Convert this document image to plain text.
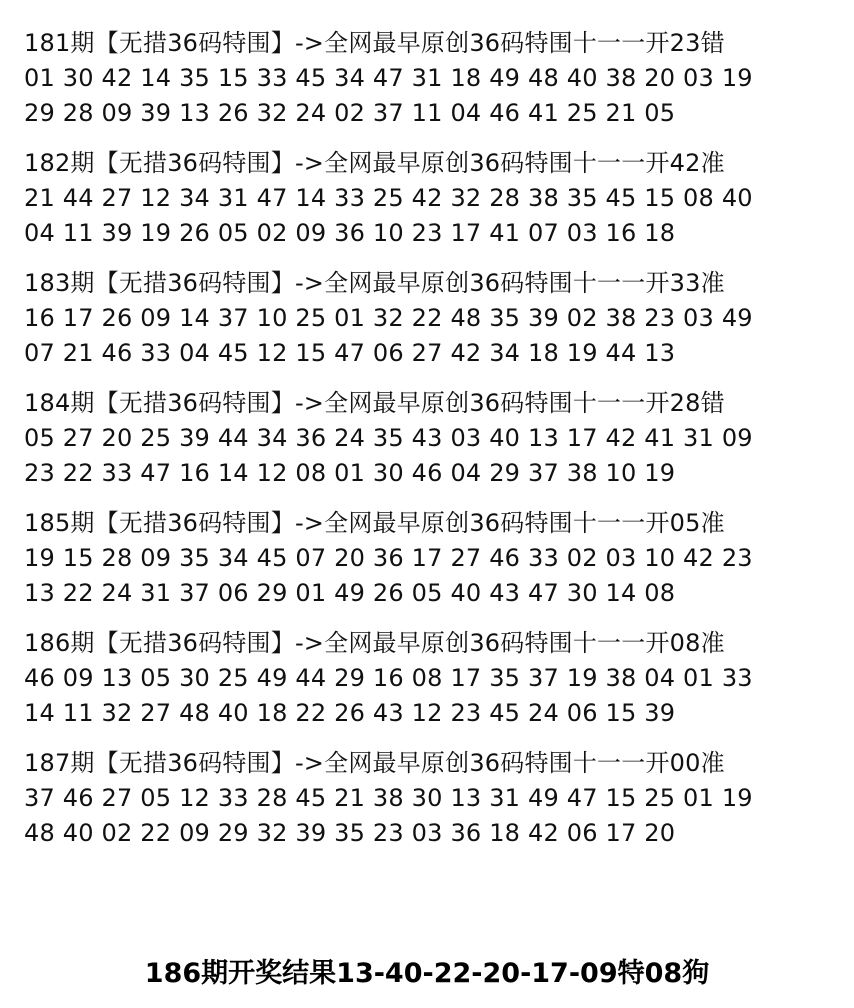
181期【无措36码特围】->全网最早原创36码特围十一一开23错
01 30 42 14 35 15 33 45 34 47 31 18 49 48 40 38 20 03 19
29 28 09 39 13 26 32 24 02 37 11 04 46 41 25 21 05
182期【无措36码特围】->全网最早原创36码特围十一一开42准
21 44 27 12 34 31 47 14 33 25 42 32 28 38 35 45 15 08 40
04 11 39 19 26 05 02 09 36 10 23 17 41 07 03 16 18
183期【无措36码特围】->全网最早原创36码特围十一一开33准
16 17 26 09 14 37 10 25 01 32 22 48 35 39 02 38 23 03 49
07 21 46 33 04 45 12 15 47 06 27 42 34 18 19 44 13
184期【无措36码特围】->全网最早原创36码特围十一一开28错
05 27 20 25 39 44 34 36 24 35 43 03 40 13 17 42 41 31 09
23 22 33 47 16 14 12 08 01 30 46 04 29 37 38 10 19
185期【无措36码特围】->全网最早原创36码特围十一一开05准
19 15 28 09 35 34 45 07 20 36 17 27 46 33 02 03 10 42 23
13 22 24 31 37 06 29 01 49 26 05 40 43 47 30 14 08
186期【无措36码特围】->全网最早原创36码特围十一一开08准
46 09 13 05 30 25 49 44 29 16 08 17 35 37 19 38 04 01 33
14 11 32 27 48 40 18 22 26 43 12 23 45 24 06 15 39
187期【无措36码特围】->全网最早原创36码特围十一一开00准
37 46 27 05 12 33 28 45 21 38 30 13 31 49 47 15 25 01 19
48 40 02 22 09 29 32 39 35 23 03 36 18 42 06 17 20
186期开奖结果13-40-22-20-17-09特08狗
